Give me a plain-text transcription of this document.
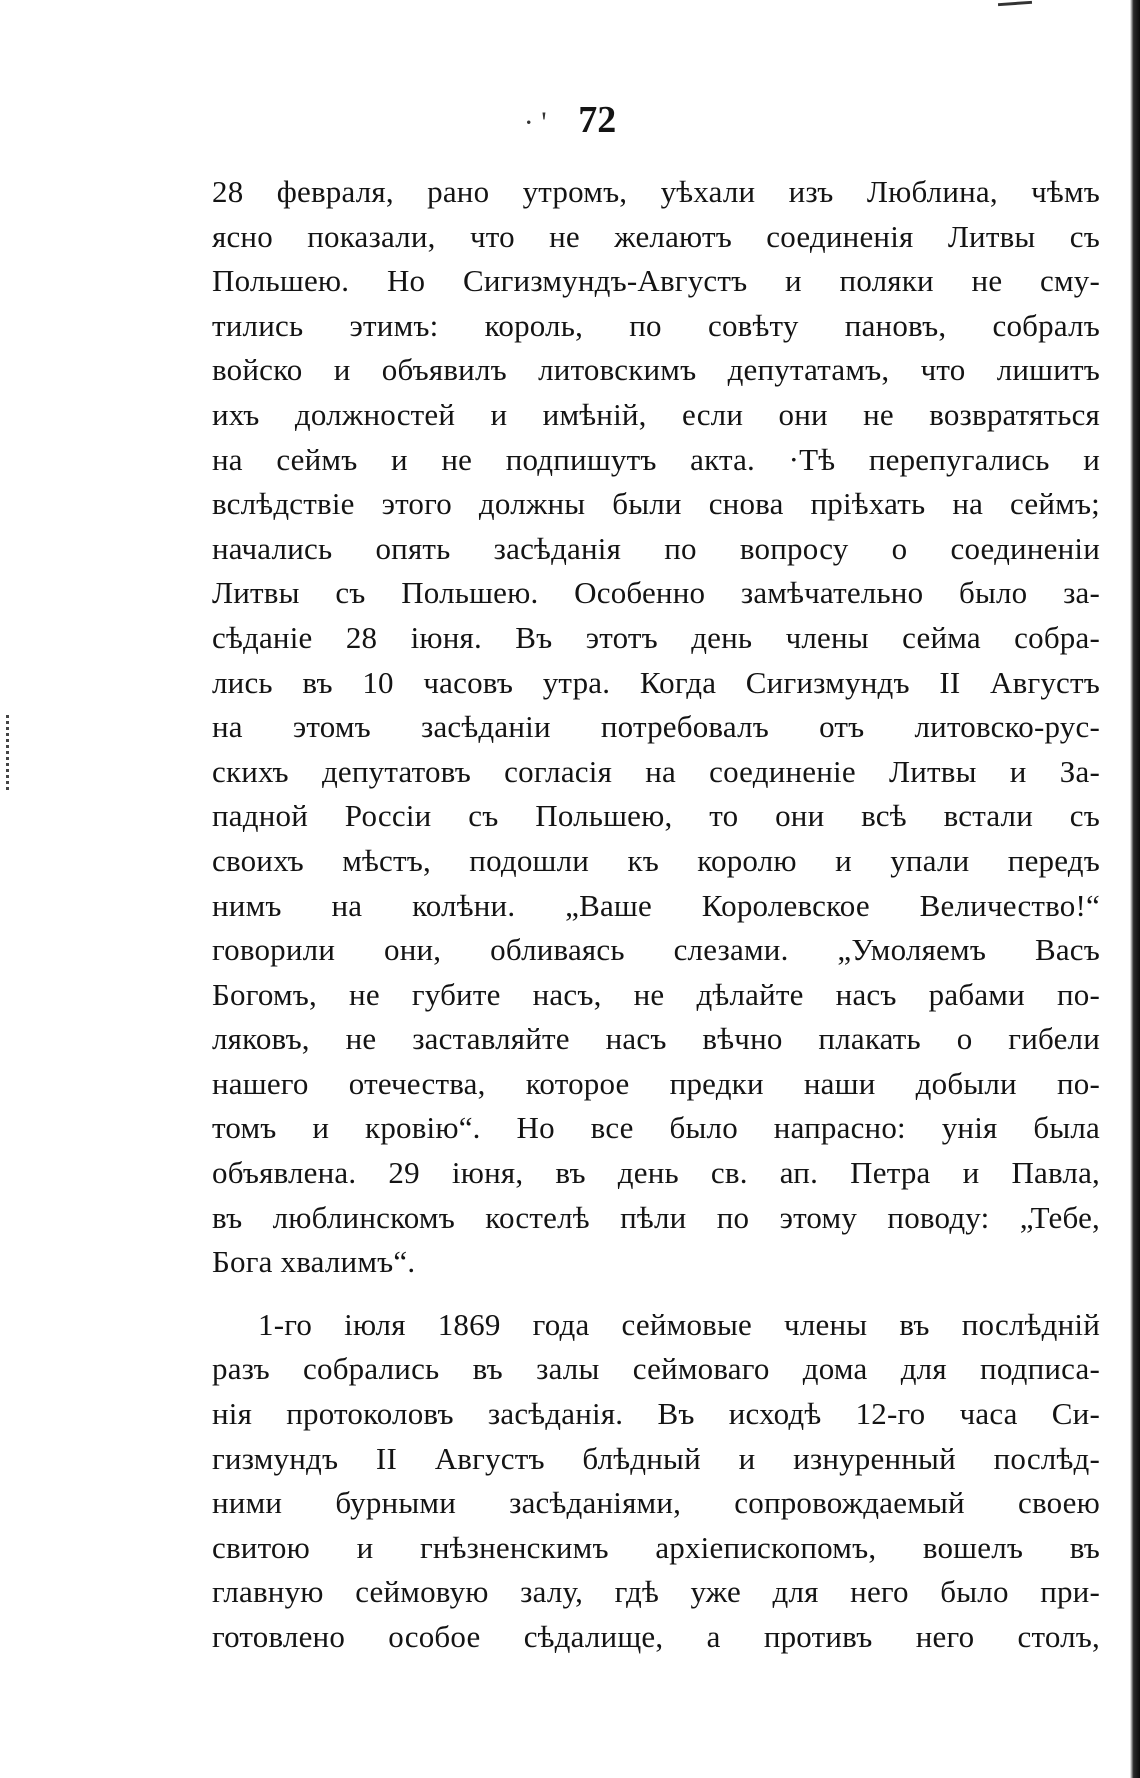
· ' 72
28 февраля, рано утромъ, уѣхали изъ Люблина, чѣмъ
ясно показали, что не желаютъ соединенія Литвы съ
Польшею. Но Сигизмундъ-Августъ и поляки не сму-
тились этимъ: король, по совѣту пановъ, собралъ
войско и объявилъ литовскимъ депутатамъ, что лишитъ
ихъ должностей и имѣній, если они не возвратяться
на сеймъ и не подпишутъ акта. ·Тѣ перепугались и
вслѣдствіе этого должны были снова пріѣхать на сеймъ;
начались опять засѣданія по вопросу о соединеніи
Литвы съ Польшею. Особенно замѣчательно было за-
сѣданіе 28 іюня. Въ этотъ день члены сейма собра-
лись въ 10 часовъ утра. Когда Сигизмундъ II Августъ
на этомъ засѣданіи потребовалъ отъ литовско-рус-
скихъ депутатовъ согласія на соединеніе Литвы и За-
падной Россіи съ Польшею, то они всѣ встали съ
своихъ мѣстъ, подошли къ королю и упали передъ
нимъ на колѣни. „Ваше Королевское Величество!“
говорили они, обливаясь слезами. „Умоляемъ Васъ
Богомъ, не губите насъ, не дѣлайте насъ рабами по-
ляковъ, не заставляйте насъ вѣчно плакать о гибели
нашего отечества, которое предки наши добыли по-
томъ и кровію“. Но все было напрасно: унія была
объявлена. 29 іюня, въ день св. ап. Петра и Павла,
въ люблинскомъ костелѣ пѣли по этому поводу: „Тебе,
Бога хвалимъ“.
1-го іюля 1869 года сеймовые члены въ послѣдній
разъ собрались въ залы сеймоваго дома для подписа-
нія протоколовъ засѣданія. Въ исходѣ 12-го часа Си-
гизмундъ II Августъ блѣдный и изнуренный послѣд-
ними бурными засѣданіями, сопровождаемый своею
свитою и гнѣзненскимъ архіепископомъ, вошелъ въ
главную сеймовую залу, гдѣ уже для него было при-
готовлено особое сѣдалище, а противъ него столъ,
